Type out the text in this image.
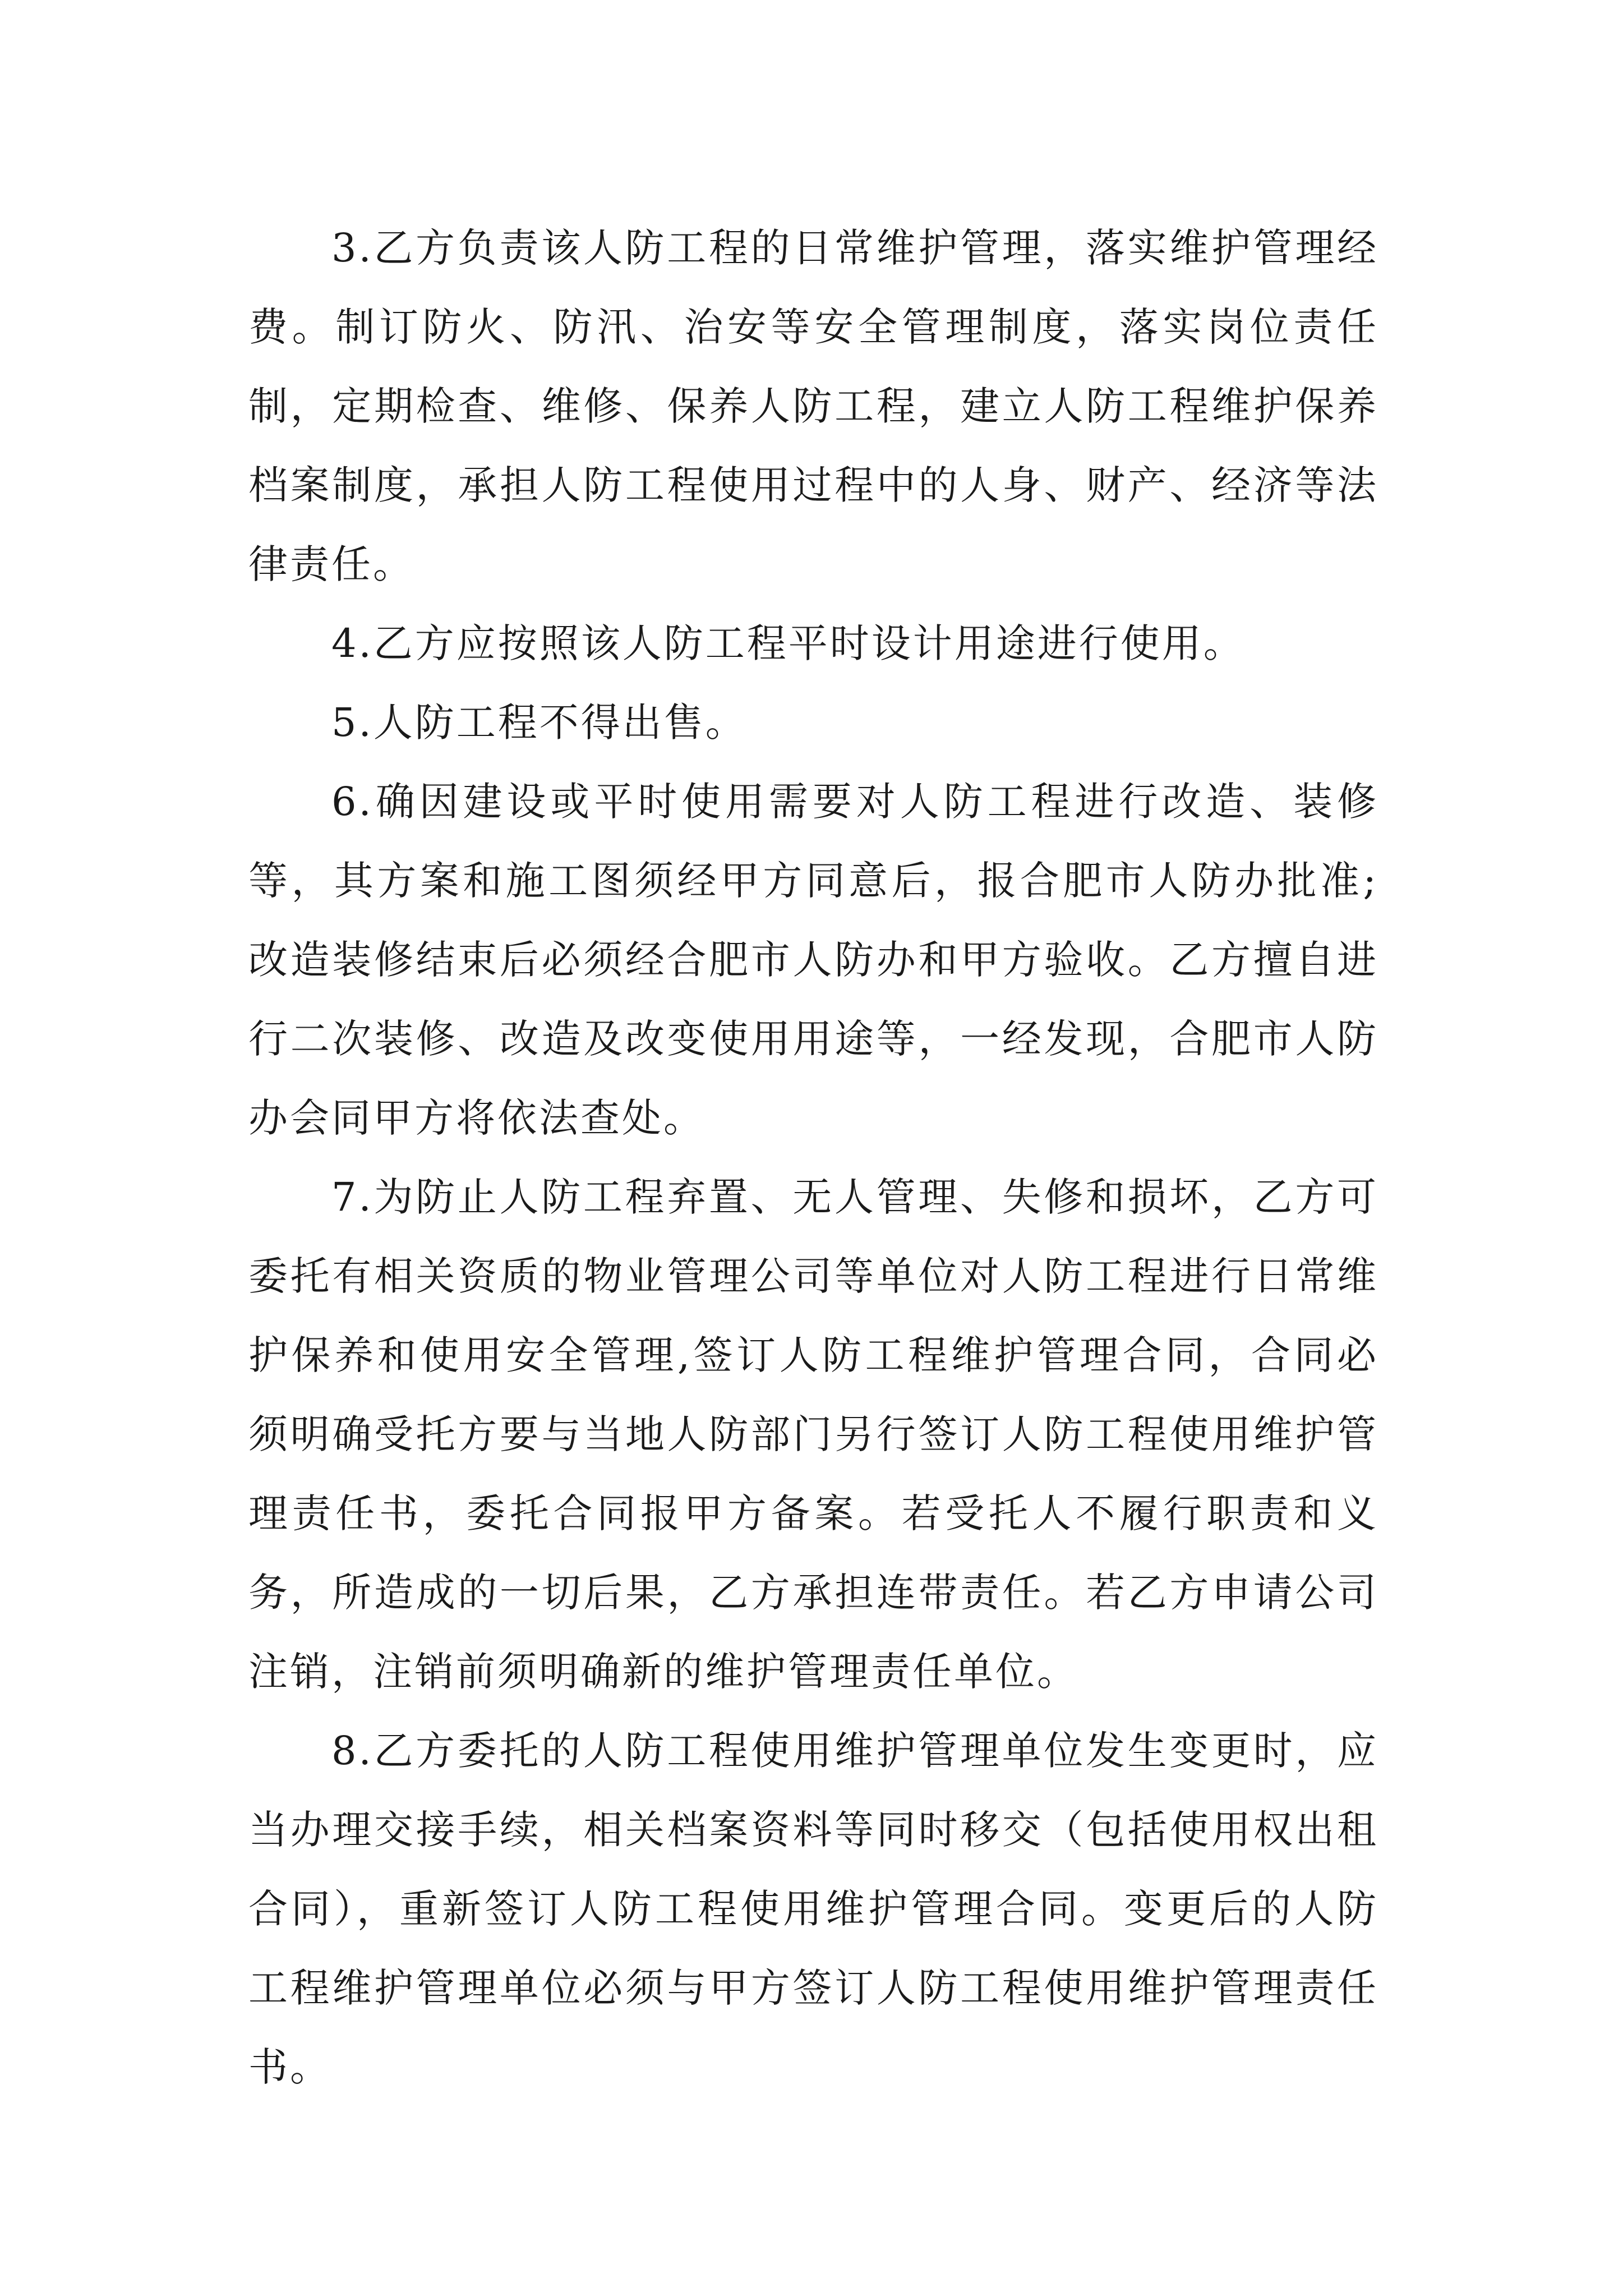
3.乙方负责该人防工程的日常维护管理，落实维护管理经费。制订防火、防汛、治安等安全管理制度，落实岗位责任制，定期检查、维修、保养人防工程，建立人防工程维护保养档案制度，承担人防工程使用过程中的人身、财产、经济等法律责任。

4.乙方应按照该人防工程平时设计用途进行使用。

5.人防工程不得出售。

6.确因建设或平时使用需要对人防工程进行改造、装修等，其方案和施工图须经甲方同意后，报合肥市人防办批准;改造装修结束后必须经合肥市人防办和甲方验收。乙方擅自进行二次装修、改造及改变使用用途等，一经发现，合肥市人防办会同甲方将依法查处。

7.为防止人防工程弃置、无人管理、失修和损坏，乙方可委托有相关资质的物业管理公司等单位对人防工程进行日常维护保养和使用安全管理,签订人防工程维护管理合同，合同必须明确受托方要与当地人防部门另行签订人防工程使用维护管理责任书，委托合同报甲方备案。若受托人不履行职责和义务，所造成的一切后果，乙方承担连带责任。若乙方申请公司注销，注销前须明确新的维护管理责任单位。

8.乙方委托的人防工程使用维护管理单位发生变更时，应当办理交接手续，相关档案资料等同时移交（包括使用权出租合同），重新签订人防工程使用维护管理合同。变更后的人防工程维护管理单位必须与甲方签订人防工程使用维护管理责任书。
